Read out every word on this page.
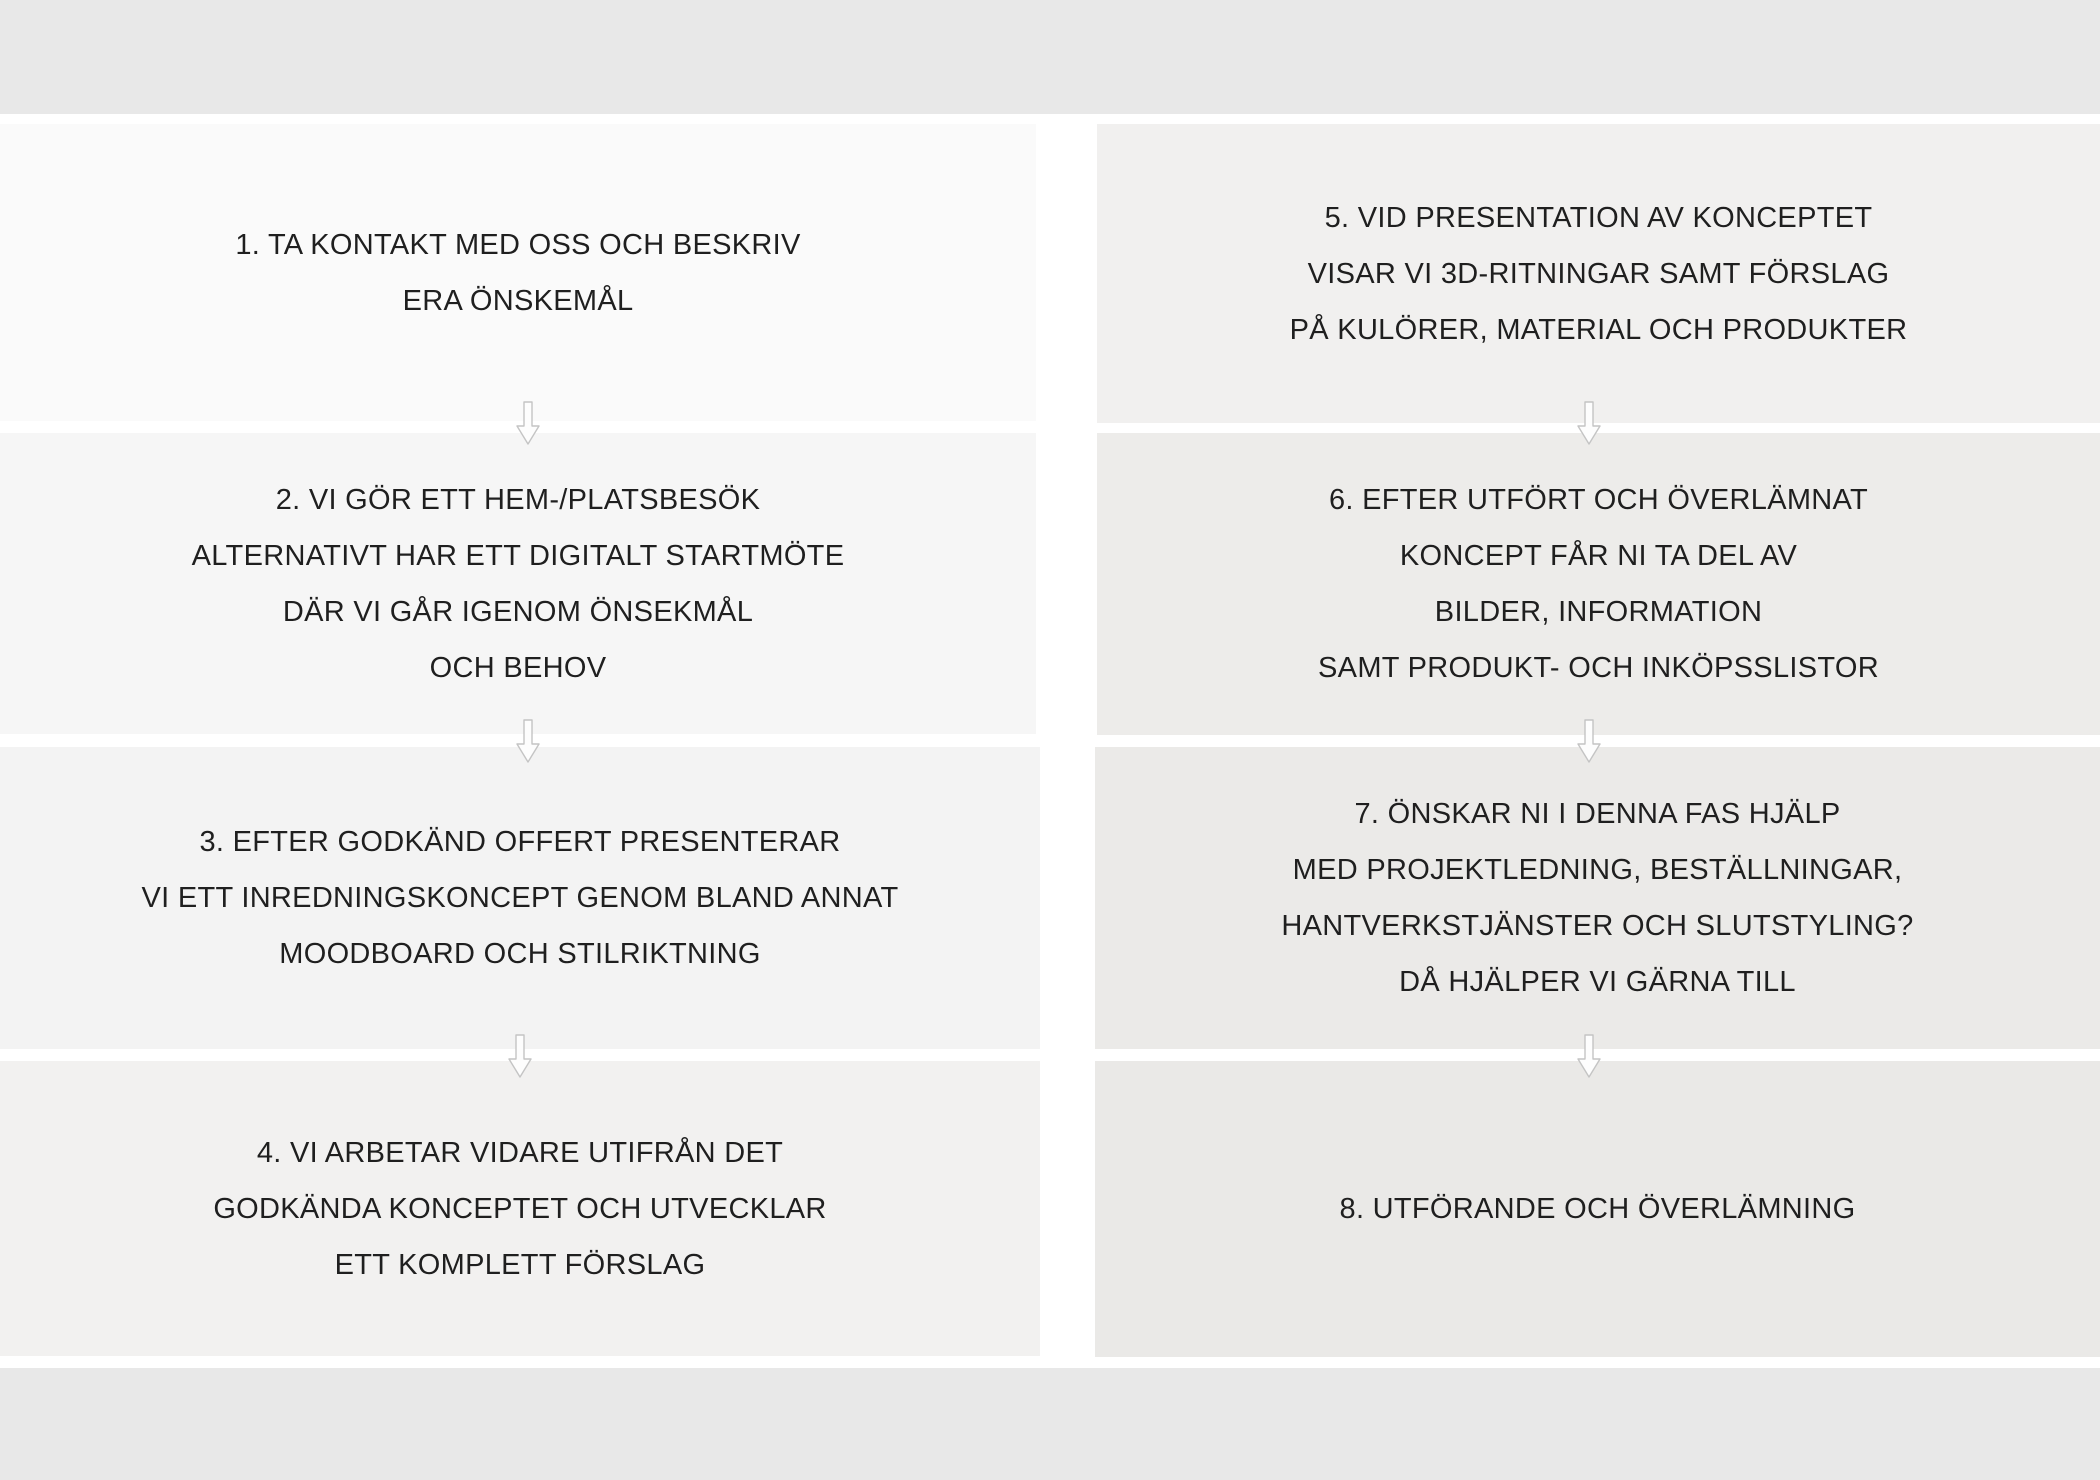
1. TA KONTAKT MED OSS OCH BESKRIV
ERA ÖNSKEMÅL
2. VI GÖR ETT HEM-/PLATSBESÖK
ALTERNATIVT HAR ETT DIGITALT STARTMÖTE
DÄR VI GÅR IGENOM ÖNSEKMÅL
OCH BEHOV
3. EFTER GODKÄND OFFERT PRESENTERAR
VI ETT INREDNINGSKONCEPT GENOM BLAND ANNAT
MOODBOARD OCH STILRIKTNING
4. VI ARBETAR VIDARE UTIFRÅN DET
GODKÄNDA KONCEPTET OCH UTVECKLAR
ETT KOMPLETT FÖRSLAG
5. VID PRESENTATION AV KONCEPTET
VISAR VI 3D-RITNINGAR SAMT FÖRSLAG
PÅ KULÖRER, MATERIAL OCH PRODUKTER
6. EFTER UTFÖRT OCH ÖVERLÄMNAT
KONCEPT FÅR NI TA DEL AV
BILDER, INFORMATION
SAMT PRODUKT- OCH INKÖPSSLISTOR
7. ÖNSKAR NI I DENNA FAS HJÄLP
MED PROJEKTLEDNING, BESTÄLLNINGAR,
HANTVERKSTJÄNSTER OCH SLUTSTYLING?
DÅ HJÄLPER VI GÄRNA TILL
8. UTFÖRANDE OCH ÖVERLÄMNING
